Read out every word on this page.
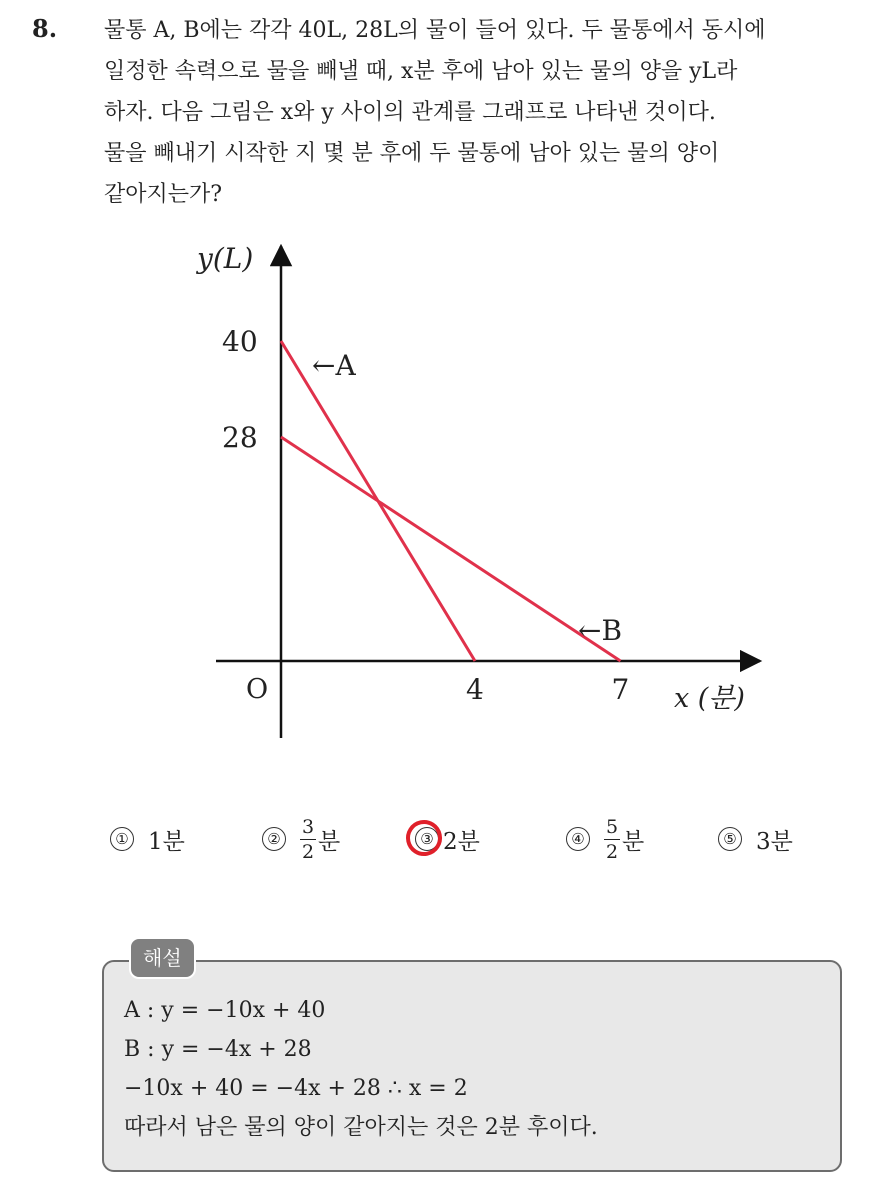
8. 물통 A, B에는 각각 40L, 28L의 물이 들어 있다. 두 물통에서 동시에
일정한 속력으로 물을 빼낼 때, x분 후에 남아 있는 물의 양을 yL라
하자. 다음 그림은 x와 y 사이의 관계를 그래프로 나타낸 것이다.
물을 빼내기 시작한 지 몇 분 후에 두 물통에 남아 있는 물의 양이
같아지는가?
y(L)
x (분)
O
40
28
4	7
←A
←B
① 1분	② $\frac{3}{2}$ 분	③ 2분	④ $\frac{5}{2}$ 분	⑤ 3분
해설
A : y = −10x + 40
B : y = −4x + 28
−10x + 40 = −4x + 28 ∴ x = 2
따라서 남은 물의 양이 같아지는 것은 2분 후이다.
